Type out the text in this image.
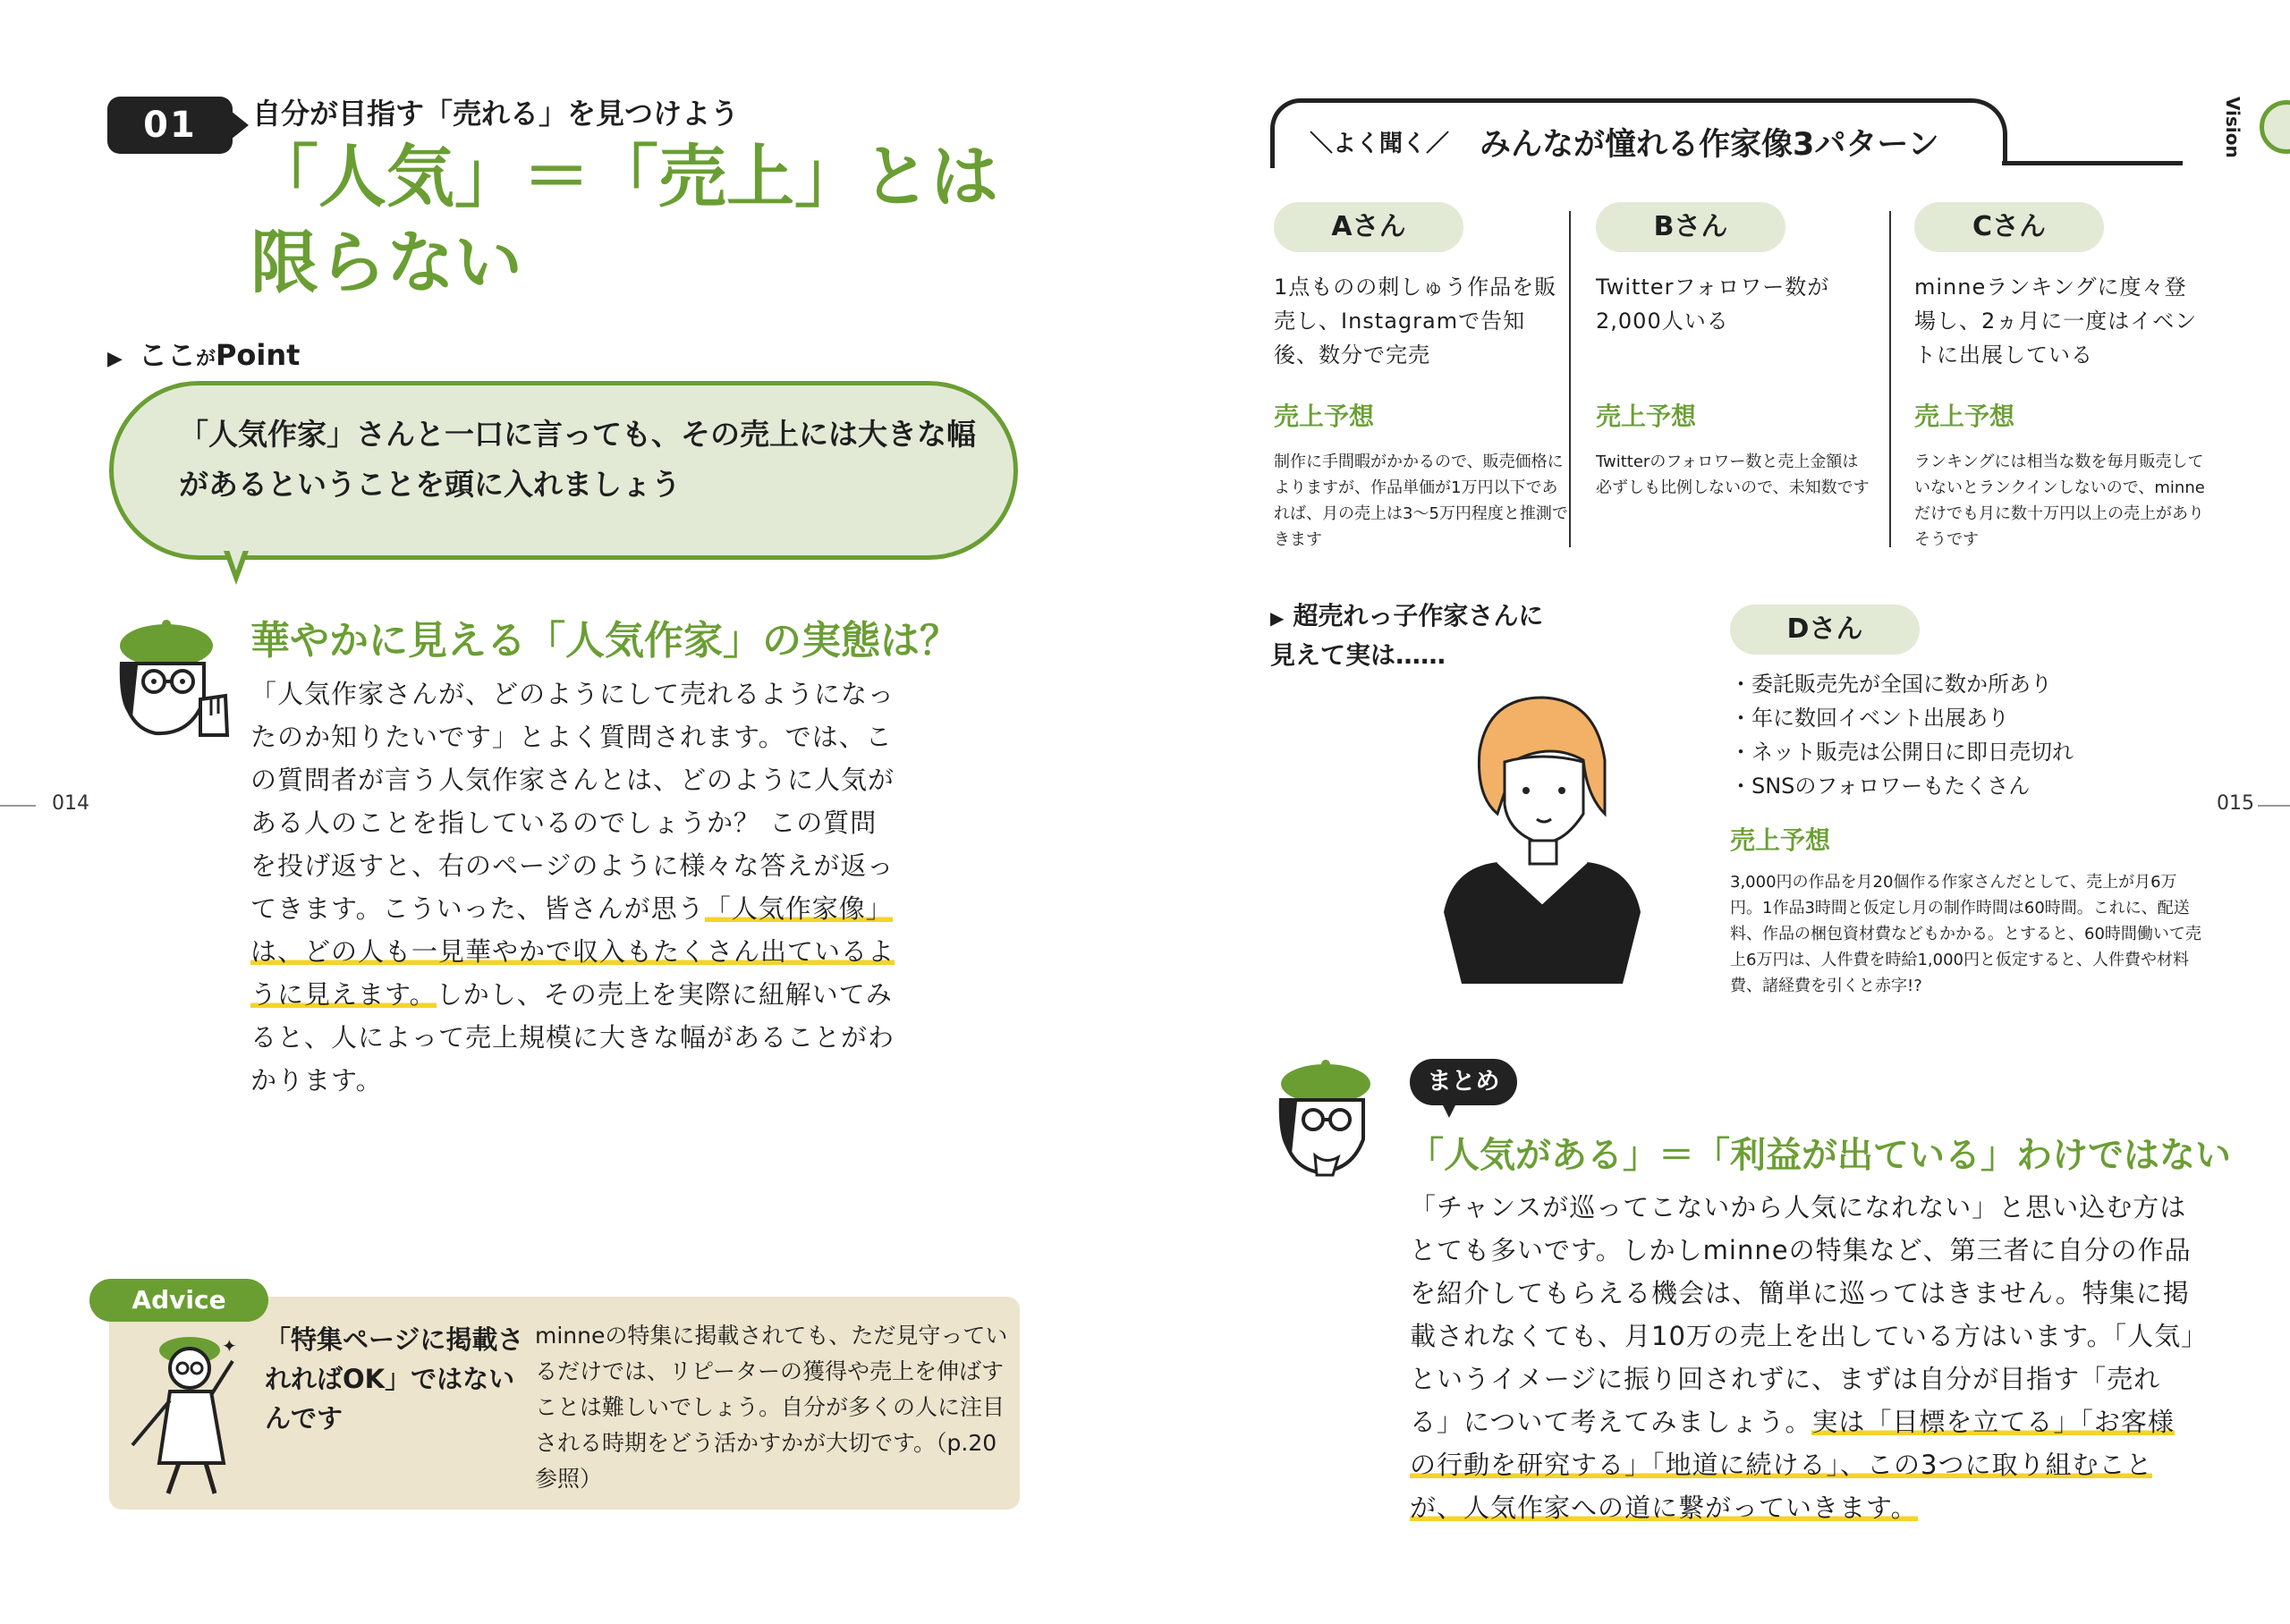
01	自分が目指す「売れる」を見つけよう
「人気」＝「売上」とは限らない
▶ ここがPoint
「人気作家」さんと一口に言っても、その売上には大きな幅があるということを頭に入れましょう
華やかに見える「人気作家」の実態は？
「人気作家さんが、どのようにして売れるようになったのか知りたいです」とよく質問されます。では、この質問者が言う人気作家さんとは、どのように人気がある人のことを指しているのでしょうか？ この質問を投げ返すと、右のページのように様々な答えが返ってきます。こういった、皆さんが思う「人気作家像」は、どの人も一見華やかで収入もたくさん出ているように見えます。しかし、その売上を実際に紐解いてみると、人によって売上規模に大きな幅があることがわかります。
014
Advice
✦ 「特集ページに掲載されればOK」ではないんです
minneの特集に掲載されても、ただ見守っているだけでは、リピーターの獲得や売上を伸ばすことは難しいでしょう。自分が多くの人に注目される時期をどう活かすかが大切です。（p.20参照）
＼よく聞く／ みんなが憧れる作家像3パターン	Vision
Aさん
1点ものの刺しゅう作品を販売し、Instagramで告知後、数分で完売
売上予想
制作に手間暇がかかるので、販売価格によりますが、作品単価が1万円以下であれば、月の売上は3〜5万円程度と推測できます
Bさん
Twitterフォロワー数が2,000人いる
売上予想
Twitterのフォロワー数と売上金額は必ずしも比例しないので、未知数です
Cさん
minneランキングに度々登場し、2ヵ月に一度はイベントに出展している
売上予想
ランキングには相当な数を毎月販売していないとランクインしないので、minneだけでも月に数十万円以上の売上がありそうです
▶ 超売れっ子作家さんに見えて実は……
Dさん
・委託販売先が全国に数か所あり
・年に数回イベント出展あり
・ネット販売は公開日に即日売切れ
・SNSのフォロワーもたくさん
売上予想
3,000円の作品を月20個作る作家さんだとして、売上が月6万円。1作品3時間と仮定し月の制作時間は60時間。これに、配送料、作品の梱包資材費などもかかる。とすると、60時間働いて売上6万円は、人件費を時給1,000円と仮定すると、人件費や材料費、諸経費を引くと赤字!?
015
まとめ
「人気がある」＝「利益が出ている」わけではない
「チャンスが巡ってこないから人気になれない」と思い込む方はとても多いです。しかしminneの特集など、第三者に自分の作品を紹介してもらえる機会は、簡単に巡ってはきません。特集に掲載されなくても、月10万の売上を出している方はいます。「人気」というイメージに振り回されずに、まずは自分が目指す「売れる」について考えてみましょう。実は「目標を立てる」「お客様の行動を研究する」「地道に続ける」、この3つに取り組むことが、人気作家への道に繋がっていきます。
